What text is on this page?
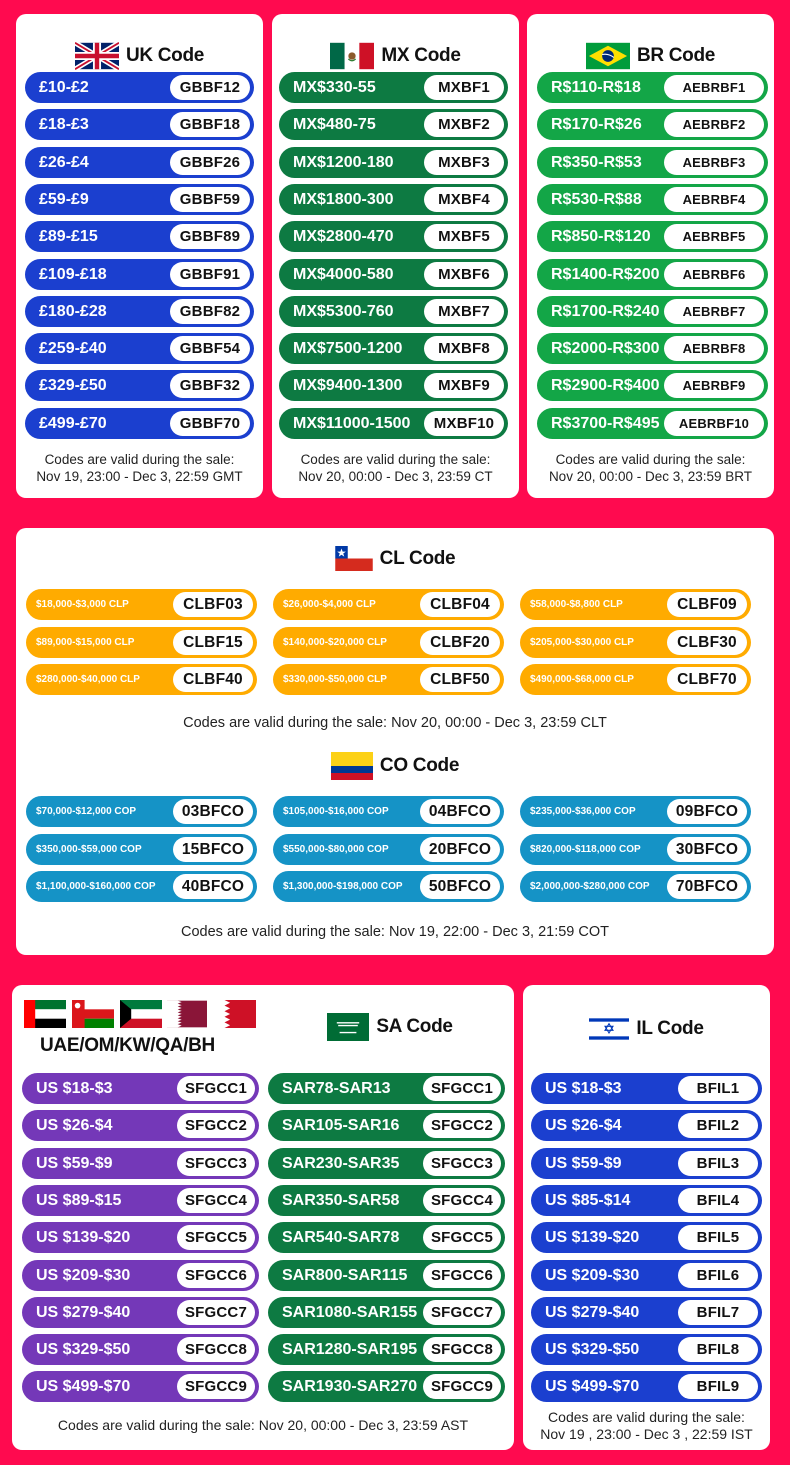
UK Code
£10-£2	GBBF12
£18-£3	GBBF18
£26-£4	GBBF26
£59-£9	GBBF59
£89-£15	GBBF89
£109-£18	GBBF91
£180-£28	GBBF82
£259-£40	GBBF54
£329-£50	GBBF32
£499-£70	GBBF70
Codes are valid during the sale:
Nov 19, 23:00 - Dec 3, 22:59 GMT
MX Code
MX$330-55	MXBF1
MX$480-75	MXBF2
MX$1200-180	MXBF3
MX$1800-300	MXBF4
MX$2800-470	MXBF5
MX$4000-580	MXBF6
MX$5300-760	MXBF7
MX$7500-1200	MXBF8
MX$9400-1300	MXBF9
MX$11000-1500	MXBF10
Codes are valid during the sale:
Nov 20, 00:00 - Dec 3, 23:59 CT
BR Code
R$110-R$18	AEBRBF1
R$170-R$26	AEBRBF2
R$350-R$53	AEBRBF3
R$530-R$88	AEBRBF4
R$850-R$120	AEBRBF5
R$1400-R$200	AEBRBF6
R$1700-R$240	AEBRBF7
R$2000-R$300	AEBRBF8
R$2900-R$400	AEBRBF9
R$3700-R$495	AEBRBF10
Codes are valid during the sale:
Nov 20, 00:00 - Dec 3, 23:59 BRT
CL Code
$18,000-$3,000 CLP	CLBF03	$26,000-$4,000 CLP	CLBF04	$58,000-$8,800 CLP	CLBF09
$89,000-$15,000 CLP	CLBF15	$140,000-$20,000 CLP	CLBF20	$205,000-$30,000 CLP	CLBF30
$280,000-$40,000 CLP	CLBF40	$330,000-$50,000 CLP	CLBF50	$490,000-$68,000 CLP	CLBF70
Codes are valid during the sale: Nov 20, 00:00 - Dec 3, 23:59 CLT
CO Code
$70,000-$12,000 COP	03BFCO	$105,000-$16,000 COP	04BFCO	$235,000-$36,000 COP	09BFCO
$350,000-$59,000 COP	15BFCO	$550,000-$80,000 COP	20BFCO	$820,000-$118,000 COP	30BFCO
$1,100,000-$160,000 COP	40BFCO	$1,300,000-$198,000 COP	50BFCO	$2,000,000-$280,000 COP	70BFCO
Codes are valid during the sale: Nov 19, 22:00 - Dec 3, 21:59 COT
UAE/OM/KW/QA/BH
SA Code
US $18-$3	SFGCC1
US $26-$4	SFGCC2
US $59-$9	SFGCC3
US $89-$15	SFGCC4
US $139-$20	SFGCC5
US $209-$30	SFGCC6
US $279-$40	SFGCC7
US $329-$50	SFGCC8
US $499-$70	SFGCC9
SAR78-SAR13	SFGCC1
SAR105-SAR16	SFGCC2
SAR230-SAR35	SFGCC3
SAR350-SAR58	SFGCC4
SAR540-SAR78	SFGCC5
SAR800-SAR115	SFGCC6
SAR1080-SAR155 SFGCC7
SAR1280-SAR195 SFGCC8
SAR1930-SAR270 SFGCC9
Codes are valid during the sale: Nov 20, 00:00 - Dec 3, 23:59 AST
IL Code
US $18-$3	BFIL1
US $26-$4	BFIL2
US $59-$9	BFIL3
US $85-$14	BFIL4
US $139-$20	BFIL5
US $209-$30	BFIL6
US $279-$40	BFIL7
US $329-$50	BFIL8
US $499-$70	BFIL9
Codes are valid during the sale:
Nov 19 , 23:00 - Dec 3 , 22:59 IST
